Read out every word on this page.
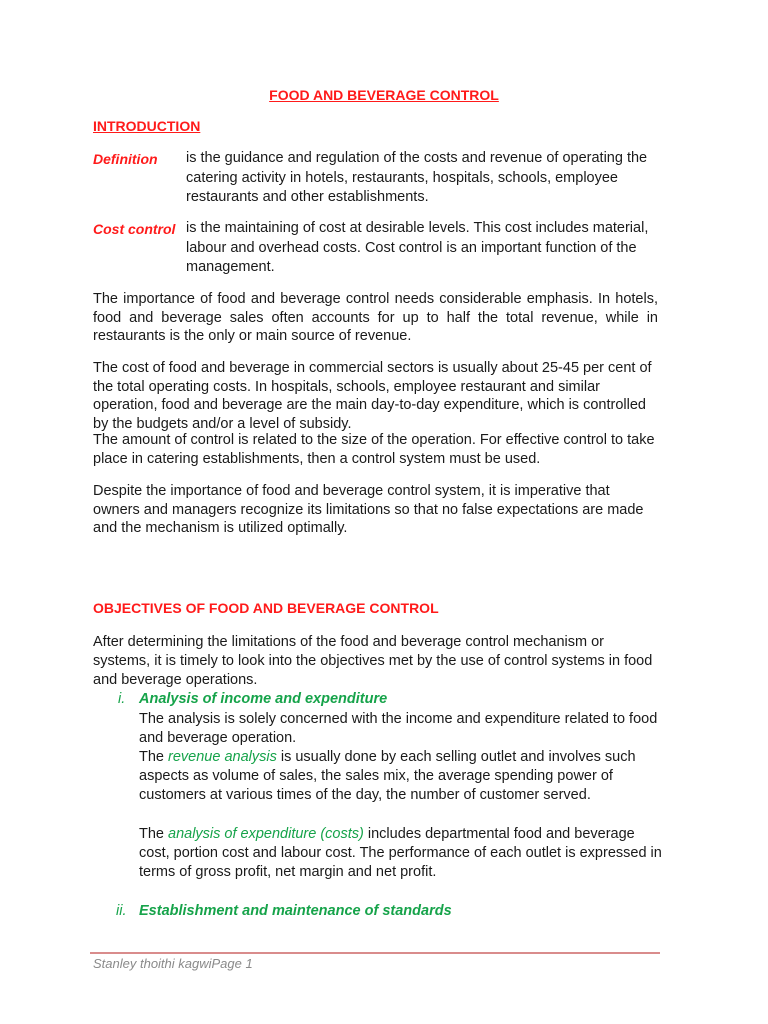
FOOD AND BEVERAGE CONTROL
INTRODUCTION
Definition is the guidance and regulation of the costs and revenue of operating the catering activity in hotels, restaurants, hospitals, schools, employee restaurants and other establishments.
Cost control is the maintaining of cost at desirable levels. This cost includes material, labour and overhead costs. Cost control is an important function of the management.
The importance of food and beverage control needs considerable emphasis. In hotels, food and beverage sales often accounts for up to half the total revenue, while in restaurants is the only or main source of revenue.
The cost of food and beverage in commercial sectors is usually about 25-45 per cent of the total operating costs. In hospitals, schools, employee restaurant and similar operation, food and beverage are the main day-to-day expenditure, which is controlled by the budgets and/or a level of subsidy.
The amount of control is related to the size of the operation. For effective control to take place in catering establishments, then a control system must be used.
Despite the importance of food and beverage control system, it is imperative that owners and managers recognize its limitations so that no false expectations are made and the mechanism is utilized optimally.
OBJECTIVES OF FOOD AND BEVERAGE CONTROL
After determining the limitations of the food and beverage control mechanism or systems, it is timely to look into the objectives met by the use of control systems in food and beverage operations.
i. Analysis of income and expenditure
The analysis is solely concerned with the income and expenditure related to food and beverage operation.
The revenue analysis is usually done by each selling outlet and involves such aspects as volume of sales, the sales mix, the average spending power of customers at various times of the day, the number of customer served.
The analysis of expenditure (costs) includes departmental food and beverage cost, portion cost and labour cost. The performance of each outlet is expressed in terms of gross profit, net margin and net profit.
ii. Establishment and maintenance of standards
Stanley thoithi kagwiPage 1
